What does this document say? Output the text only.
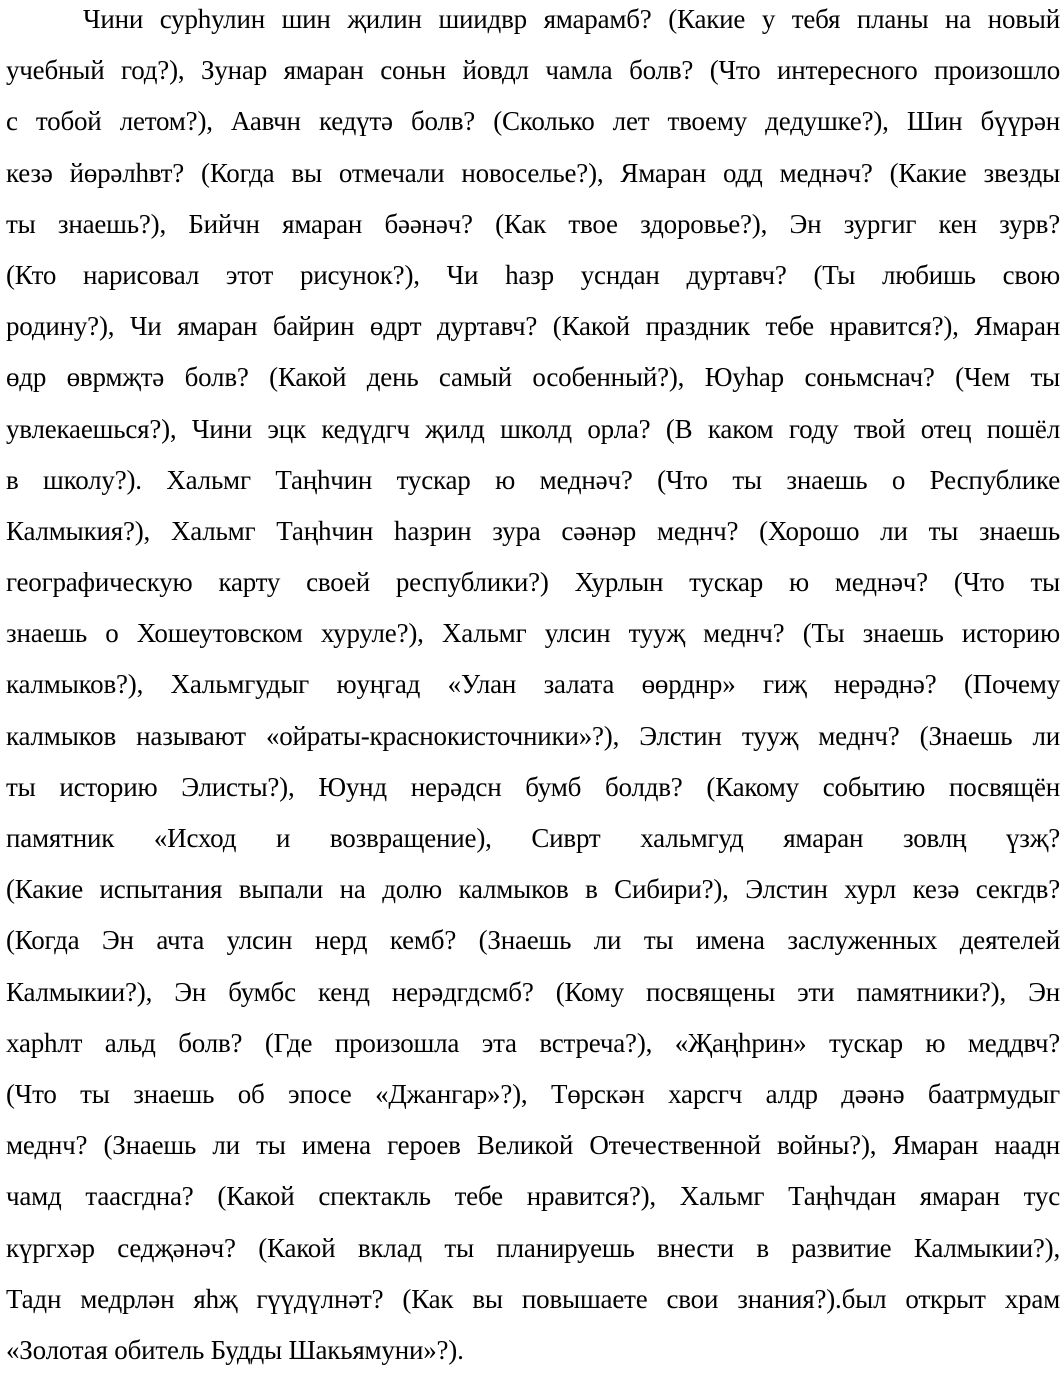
Чини сурһулин шин җилин шиидвр ямарамб? (Какие у тебя планы на новый
учебный год?), Зунар ямаран соньн йовдл чамла болв? (Что интересного произошло
с тобой летом?), Аавчн кедүтә болв? (Сколько лет твоему дедушке?), Шин бүүрән
кезә йөрәлһвт? (Когда вы отмечали новоселье?), Ямаран одд меднәч? (Какие звезды
ты знаешь?), Бийчн ямаран бәәнәч? (Как твое здоровье?), Эн зургиг кен зурв?
(Кто нарисовал этот рисунок?), Чи һазр усндан дуртавч? (Ты любишь свою
родину?), Чи ямаран байрин өдрт дуртавч? (Какой праздник тебе нравится?), Ямаран
өдр өврмҗтә болв? (Какой день самый особенный?), Юуһар соньмснач? (Чем ты
увлекаешься?), Чини эцк кедүдгч җилд школд орла? (В каком году твой отец пошёл
в школу?). Хальмг Таңһчин тускар ю меднәч? (Что ты знаешь о Республике
Калмыкия?), Хальмг Таңһчин һазрин зура сәәнәр меднч? (Хорошо ли ты знаешь
географическую карту своей республики?) Хурлын тускар ю меднәч? (Что ты
знаешь о Хошеутовском хуруле?), Хальмг улсин тууҗ меднч? (Ты знаешь историю
калмыков?), Хальмгудыг юуңгад «Улан залата өөрднр» гиҗ нерәднә? (Почему
калмыков называют «ойраты-краснокисточники»?), Элстин тууҗ меднч? (Знаешь ли
ты историю Элисты?), Юунд нерәдсн бумб болдв? (Какому событию посвящён
памятник «Исход и возвращение), Сиврт хальмгуд ямаран зовлң үзҗ?
(Какие испытания выпали на долю калмыков в Сибири?), Элстин хурл кезә секгдв?
(Когда Эн ачта улсин нерд кемб? (Знаешь ли ты имена заслуженных деятелей
Калмыкии?), Эн бумбс кенд нерәдгдсмб? (Кому посвящены эти памятники?), Эн
харһлт альд болв? (Где произошла эта встреча?), «Җаңһрин» тускар ю меддвч?
(Что ты знаешь об эпосе «Джангар»?), Төрскән харсгч алдр дәәнә баатрмудыг
меднч? (Знаешь ли ты имена героев Великой Отечественной войны?), Ямаран наадн
чамд таасгдна? (Какой спектакль тебе нравится?), Хальмг Таңһчдан ямаран тус
күргхәр седҗәнәч? (Какой вклад ты планируешь внести в развитие Калмыкии?),
Тадн медрлән яһҗ гүүдүлнәт? (Как вы повышаете свои знания?).был открыт храм
«Золотая обитель Будды Шакьямуни»?).
